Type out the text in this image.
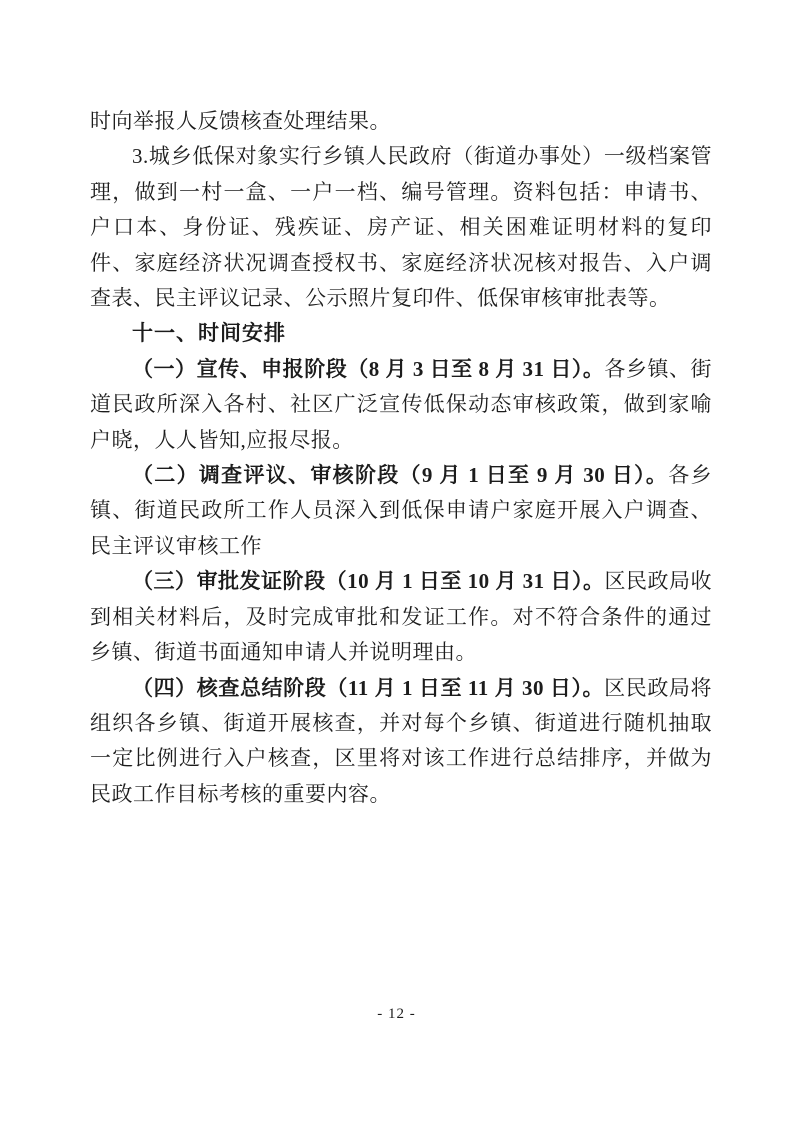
时向举报人反馈核查处理结果。

3.城乡低保对象实行乡镇人民政府（街道办事处）一级档案管理，做到一村一盒、一户一档、编号管理。资料包括：申请书、户口本、身份证、残疾证、房产证、相关困难证明材料的复印件、家庭经济状况调查授权书、家庭经济状况核对报告、入户调查表、民主评议记录、公示照片复印件、低保审核审批表等。

十一、时间安排

（一）宣传、申报阶段（8 月 3 日至 8 月 31 日）。各乡镇、街道民政所深入各村、社区广泛宣传低保动态审核政策，做到家喻户晓，人人皆知,应报尽报。

（二）调查评议、审核阶段（9 月 1 日至 9 月 30 日）。各乡镇、街道民政所工作人员深入到低保申请户家庭开展入户调查、民主评议审核工作

（三）审批发证阶段（10 月 1 日至 10 月 31 日）。区民政局收到相关材料后，及时完成审批和发证工作。对不符合条件的通过乡镇、街道书面通知申请人并说明理由。

（四）核查总结阶段（11 月 1 日至 11 月 30 日）。区民政局将组织各乡镇、街道开展核查，并对每个乡镇、街道进行随机抽取一定比例进行入户核查，区里将对该工作进行总结排序，并做为民政工作目标考核的重要内容。

- 12 -
